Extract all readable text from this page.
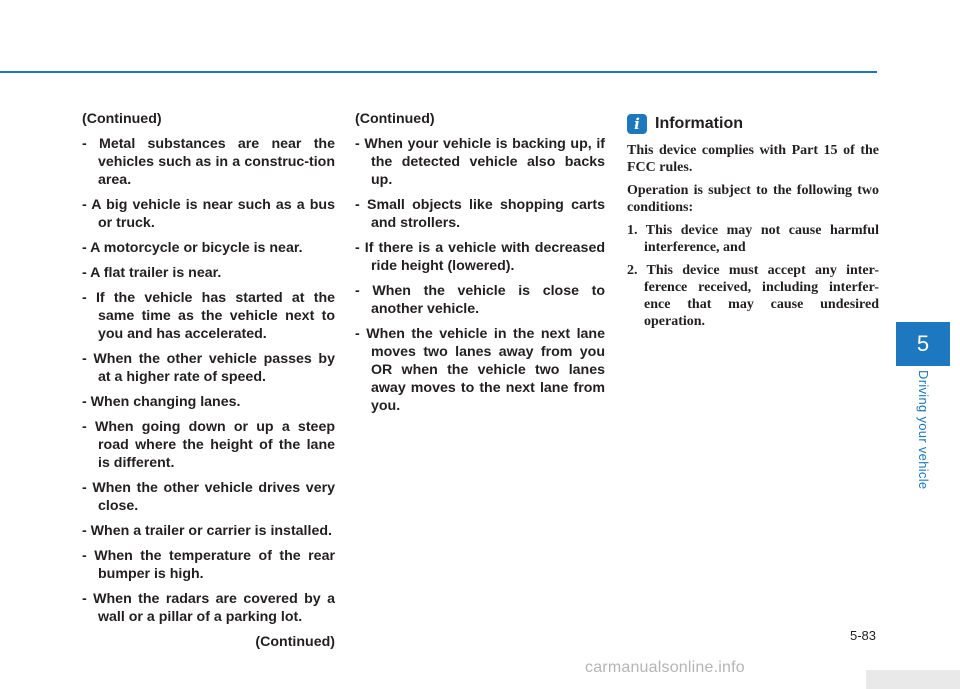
(Continued)

- Metal substances are near the vehicles such as in a construc-tion area.
- A big vehicle is near such as a bus or truck.
- A motorcycle or bicycle is near.
- A flat trailer is near.
- If the vehicle has started at the same time as the vehicle next to you and has accelerated.
- When the other vehicle passes by at a higher rate of speed.
- When changing lanes.
- When going down or up a steep road where the height of the lane is different.
- When the other vehicle drives very close.
- When a trailer or carrier is installed.
- When the temperature of the rear bumper is high.
- When the radars are covered by a wall or a pillar of a parking lot.

(Continued)

(Continued)

- When your vehicle is backing up, if the detected vehicle also backs up.
- Small objects like shopping carts and strollers.
- If there is a vehicle with decreased ride height (lowered).
- When the vehicle is close to another vehicle.
- When the vehicle in the next lane moves two lanes away from you OR when the vehicle two lanes away moves to the next lane from you.
i Information

This device complies with Part 15 of the FCC rules.

Operation is subject to the following two conditions:

1. This device may not cause harmful interference, and
2. This device must accept any inter-ference received, including interfer-ence that may cause undesired operation.
5
Driving your vehicle
5-83
carmanualsonline.info
